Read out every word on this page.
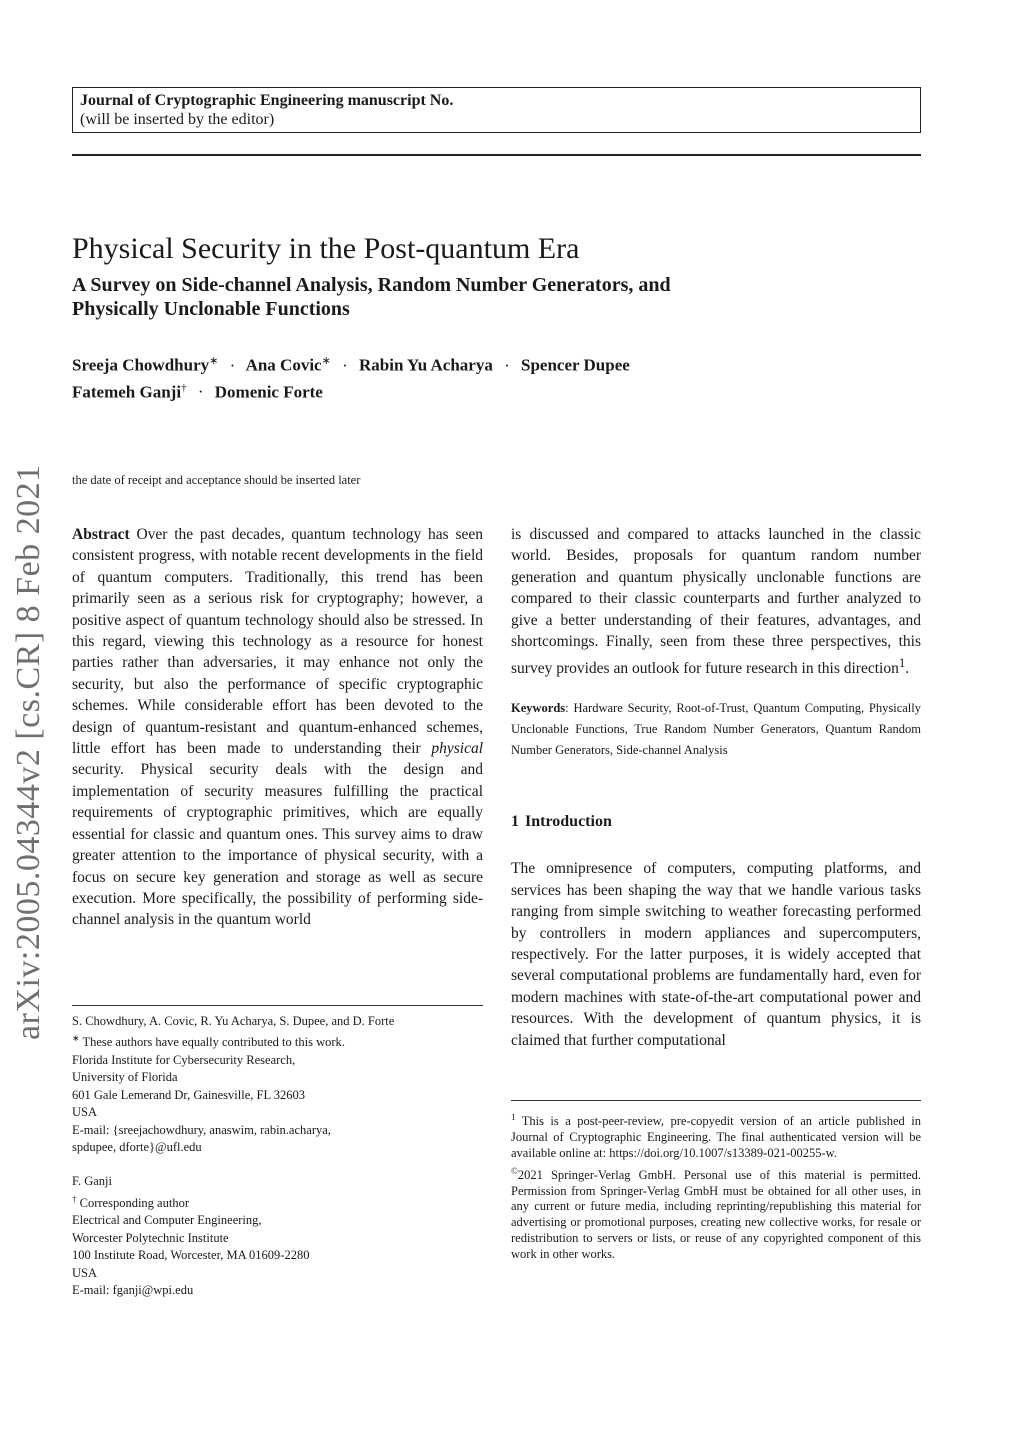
Journal of Cryptographic Engineering manuscript No.
(will be inserted by the editor)
Physical Security in the Post-quantum Era
A Survey on Side-channel Analysis, Random Number Generators, and
Physically Unclonable Functions
Sreeja Chowdhury∗ · Ana Covic∗ · Rabin Yu Acharya · Spencer Dupee
Fatemeh Ganji† · Domenic Forte
arXiv:2005.04344v2 [cs.CR] 8 Feb 2021 the date of receipt and acceptance should be inserted later

Abstract Over the past decades, quantum technology has seen consistent progress, with notable recent developments in the field of quantum computers. Traditionally, this trend has been primarily seen as a serious risk for cryptography; however, a positive aspect of quantum technology should also be stressed. In this regard, viewing this technology as a resource for honest parties rather than adversaries, it may enhance not only the security, but also the performance of specific cryptographic schemes. While considerable effort has been devoted to the design of quantum-resistant and quantum-enhanced schemes, little effort has been made to understanding their physical security. Physical security deals with the design and implementation of security measures fulfilling the practical requirements of cryptographic primitives, which are equally essential for classic and quantum ones. This survey aims to draw greater attention to the importance of physical security, with a focus on secure key generation and storage as well as secure execution. More specifically, the possibility of performing side-channel analysis in the quantum world

is discussed and compared to attacks launched in the classic world. Besides, proposals for quantum random number generation and quantum physically unclonable functions are compared to their classic counterparts and further analyzed to give a better understanding of their features, advantages, and shortcomings. Finally, seen from these three perspectives, this survey provides an outlook for future research in this direction$^1$.

Keywords: Hardware Security, Root-of-Trust, Quantum Computing, Physically Unclonable Functions, True Random Number Generators, Quantum Random Number Generators, Side-channel Analysis

1 Introduction

The omnipresence of computers, computing platforms, and services has been shaping the way that we handle various tasks ranging from simple switching to weather forecasting performed by controllers in modern appliances and supercomputers, respectively. For the latter purposes, it is widely accepted that several computational problems are fundamentally hard, even for modern machines with state-of-the-art computational power and resources. With the development of quantum physics, it is claimed that further computational

S. Chowdhury, A. Covic, R. Yu Acharya, S. Dupee, and D. Forte
∗ These authors have equally contributed to this work.
Florida Institute for Cybersecurity Research,
University of Florida
601 Gale Lemerand Dr, Gainesville, FL 32603
USA
E-mail: {sreejachowdhury, anaswim, rabin.acharya,
spdupee, dforte}@ufl.edu
F. Ganji
† Corresponding author
Electrical and Computer Engineering,
Worcester Polytechnic Institute
100 Institute Road, Worcester, MA 01609-2280
USA
E-mail: fganji@wpi.edu

$^1$ This is a post-peer-review, pre-copyedit version of an article published in Journal of Cryptographic Engineering. The final authenticated version will be available online at: https://doi.org/10.1007/s13389-021-00255-w.

©2021 Springer-Verlag GmbH. Personal use of this material is permitted. Permission from Springer-Verlag GmbH must be obtained for all other uses, in any current or future media, including reprinting/republishing this material for advertising or promotional purposes, creating new collective works, for resale or redistribution to servers or lists, or reuse of any copyrighted component of this work in other works.
